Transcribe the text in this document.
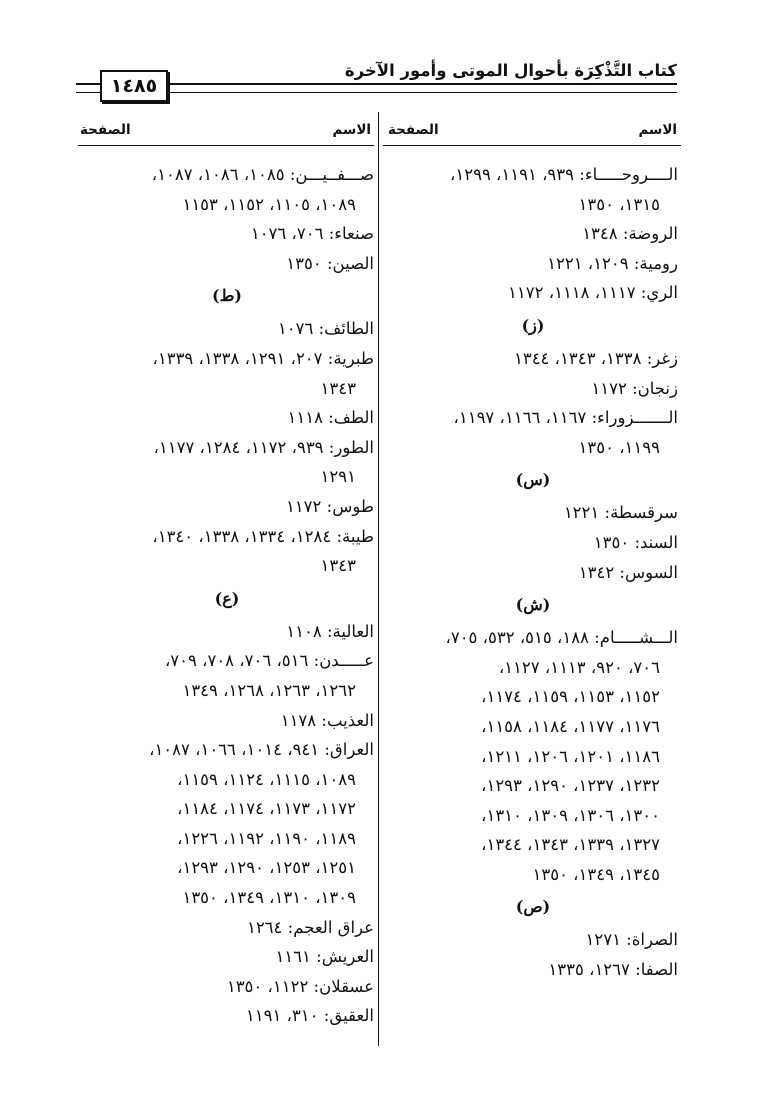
كتاب التَّذْكِرَة بأحوال الموتى وأمور الآخرة
١٤٨٥
الاسم
الصفحة
الاسم
الصفحة
الــــروحـــــاء: ٩٣٩، ١١٩١، ١٢٩٩،
١٣١٥، ١٣٥٠
الروضة: ١٣٤٨
رومية: ١٢٠٩، ١٢٢١
الري: ١١١٧، ١١١٨، ١١٧٢
(ز)
زغر: ١٣٣٨، ١٣٤٣، ١٣٤٤
زنجان: ١١٧٢
الـــــــزوراء: ١١٦٧، ١١٦٦، ١١٩٧،
١١٩٩، ١٣٥٠
(س)
سرقسطة: ١٢٢١
السند: ١٣٥٠
السوس: ١٣٤٢
(ش)
الـــشـــــام: ١٨٨، ٥١٥، ٥٣٢، ٧٠٥،
٧٠٦، ٩٢٠، ١١١٣، ١١٢٧،
١١٥٢، ١١٥٣، ١١٥٩، ١١٧٤،
١١٧٦، ١١٧٧، ١١٨٤، ١١٥٨،
١١٨٦، ١٢٠١، ١٢٠٦، ١٢١١،
١٢٣٢، ١٢٣٧، ١٢٩٠، ١٢٩٣،
١٣٠٠، ١٣٠٦، ١٣٠٩، ١٣١٠،
١٣٢٧، ١٣٣٩، ١٣٤٣، ١٣٤٤،
١٣٤٥، ١٣٤٩، ١٣٥٠
(ص)
الصراة: ١٢٧١
الصفا: ١٢٦٧، ١٣٣٥
صـــفــيـــن: ١٠٨٥، ١٠٨٦، ١٠٨٧،
١٠٨٩، ١١٠٥، ١١٥٢، ١١٥٣
صنعاء: ٧٠٦، ١٠٧٦
الصين: ١٣٥٠
(ط)
الطائف: ١٠٧٦
طبرية: ٢٠٧، ١٢٩١، ١٣٣٨، ١٣٣٩،
١٣٤٣
الطف: ١١١٨
الطور: ٩٣٩، ١١٧٢، ١٢٨٤، ١١٧٧،
١٢٩١
طوس: ١١٧٢
طيبة: ١٢٨٤، ١٣٣٤، ١٣٣٨، ١٣٤٠،
١٣٤٣
(ع)
العالية: ١١٠٨
عـــــدن: ٥١٦، ٧٠٦، ٧٠٨، ٧٠٩،
١٢٦٢، ١٢٦٣، ١٢٦٨، ١٣٤٩
العذيب: ١١٧٨
العراق: ٩٤١، ١٠١٤، ١٠٦٦، ١٠٨٧،
١٠٨٩، ١١١٥، ١١٢٤، ١١٥٩،
١١٧٢، ١١٧٣، ١١٧٤، ١١٨٤،
١١٨٩، ١١٩٠، ١١٩٢، ١٢٢٦،
١٢٥١، ١٢٥٣، ١٢٩٠، ١٢٩٣،
١٣٠٩، ١٣١٠، ١٣٤٩، ١٣٥٠
عراق العجم: ١٢٦٤
العريش: ١١٦١
عسقلان: ١١٢٢، ١٣٥٠
العقيق: ٣١٠، ١١٩١
